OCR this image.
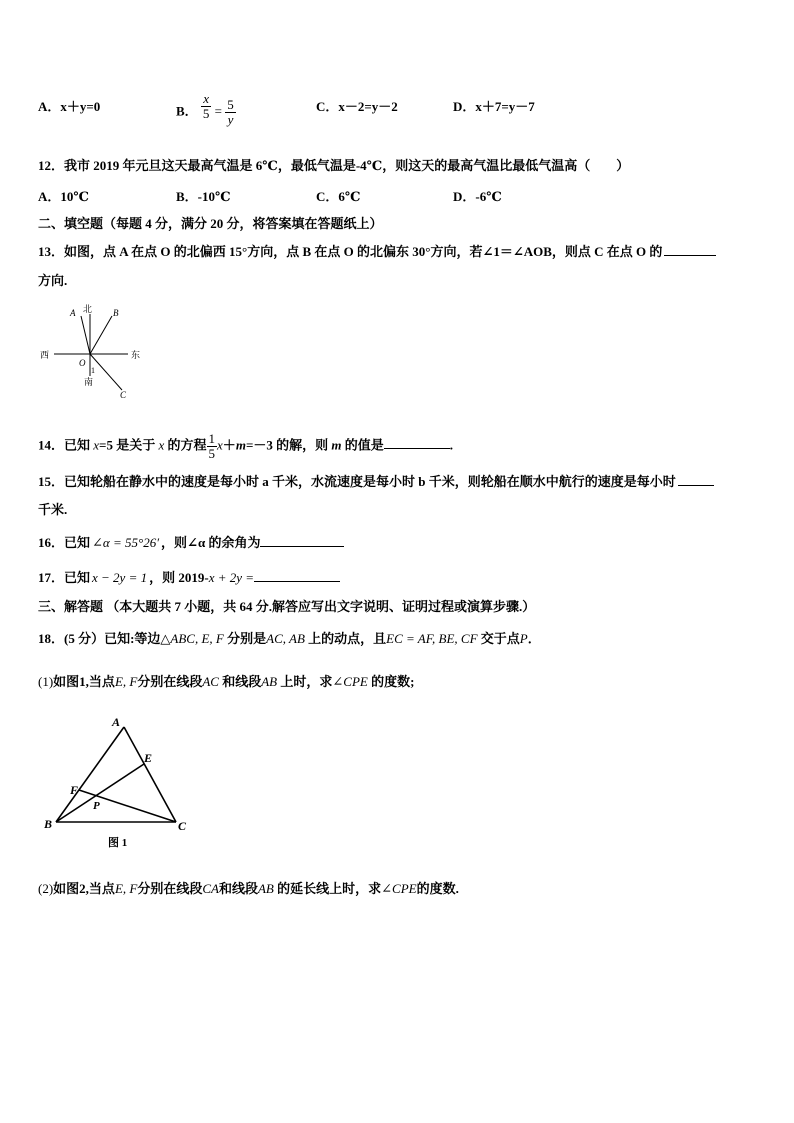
A．x＋y=0	B． $\frac{x}{5} = \frac{5}{y}$	C．x－2=y－2	D．x＋7=y－7
12．我市 2019 年元旦这天最高气温是 6℃，最低气温是-4℃，则这天的最高气温比最低气温高（　　）
A．10℃	B．-10℃	C．6℃	D．-6℃
二、填空题（每题 4 分，满分 20 分，将答案填在答题纸上）
13．如图，点 A 在点 O 的北偏西 15°方向，点 B 在点 O 的北偏东 30°方向，若∠1＝∠AOB，则点 C 在点 O 的
方向.
西	东
北
南
A	B
C
O
1
14．已知 x=5 是关于 x 的方程 $\frac{1}{5} x+m=-3$ 的解，则 m 的值是	.
15．已知轮船在静水中的速度是每小时 a 千米，水流速度是每小时 b 千米，则轮船在顺水中航行的速度是每小时
千米.
16．已知 ∠α = 55°26′ ，则∠α 的余角为
17．已知 x − 2y = 1 ，则 2019-x + 2y =
三、解答题 （本大题共 7 小题，共 64 分.解答应写出文字说明、证明过程或演算步骤.）
18．(5 分）已知:等边△ABC, E, F 分别是AC, AB 上的动点，且EC = AF, BE, CF 交于点P．
(1)如图1,当点E, F分别在线段AC 和线段AB 上时，求∠CPE 的度数;
A
B	C
E
F
P
图 1
(2)如图2,当点E, F分别在线段CA和线段AB 的延长线上时，求∠CPE的度数.
